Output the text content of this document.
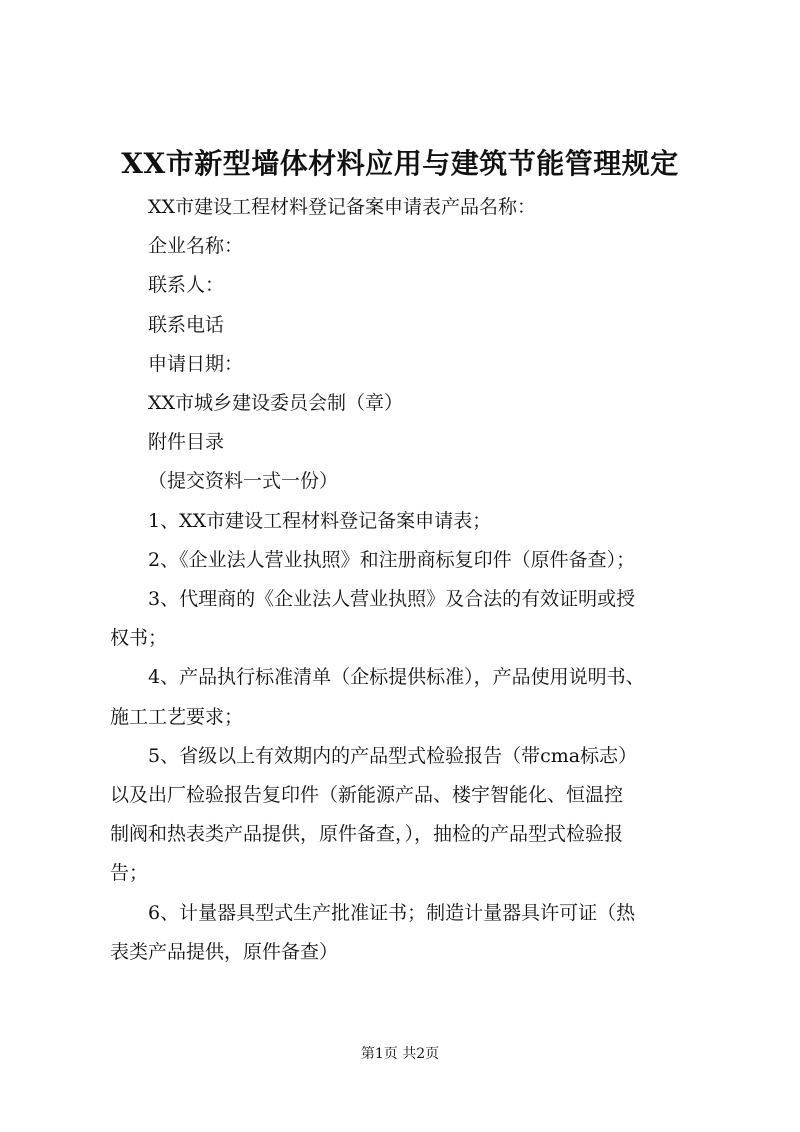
XX市新型墙体材料应用与建筑节能管理规定
XX市建设工程材料登记备案申请表产品名称：
企业名称：
联系人：
联系电话
申请日期：
XX市城乡建设委员会制（章）
附件目录
（提交资料一式一份）
1、XX市建设工程材料登记备案申请表；
2、《企业法人营业执照》和注册商标复印件（原件备查）；
3、代理商的《企业法人营业执照》及合法的有效证明或授
权书；
4、产品执行标准清单（企标提供标准），产品使用说明书、
施工工艺要求；
5、省级以上有效期内的产品型式检验报告（带cma标志）
以及出厂检验报告复印件（新能源产品、楼宇智能化、恒温控
制阀和热表类产品提供，原件备查，），抽检的产品型式检验报
告；
6、计量器具型式生产批准证书；制造计量器具许可证（热
表类产品提供，原件备查）
第1页 共2页
